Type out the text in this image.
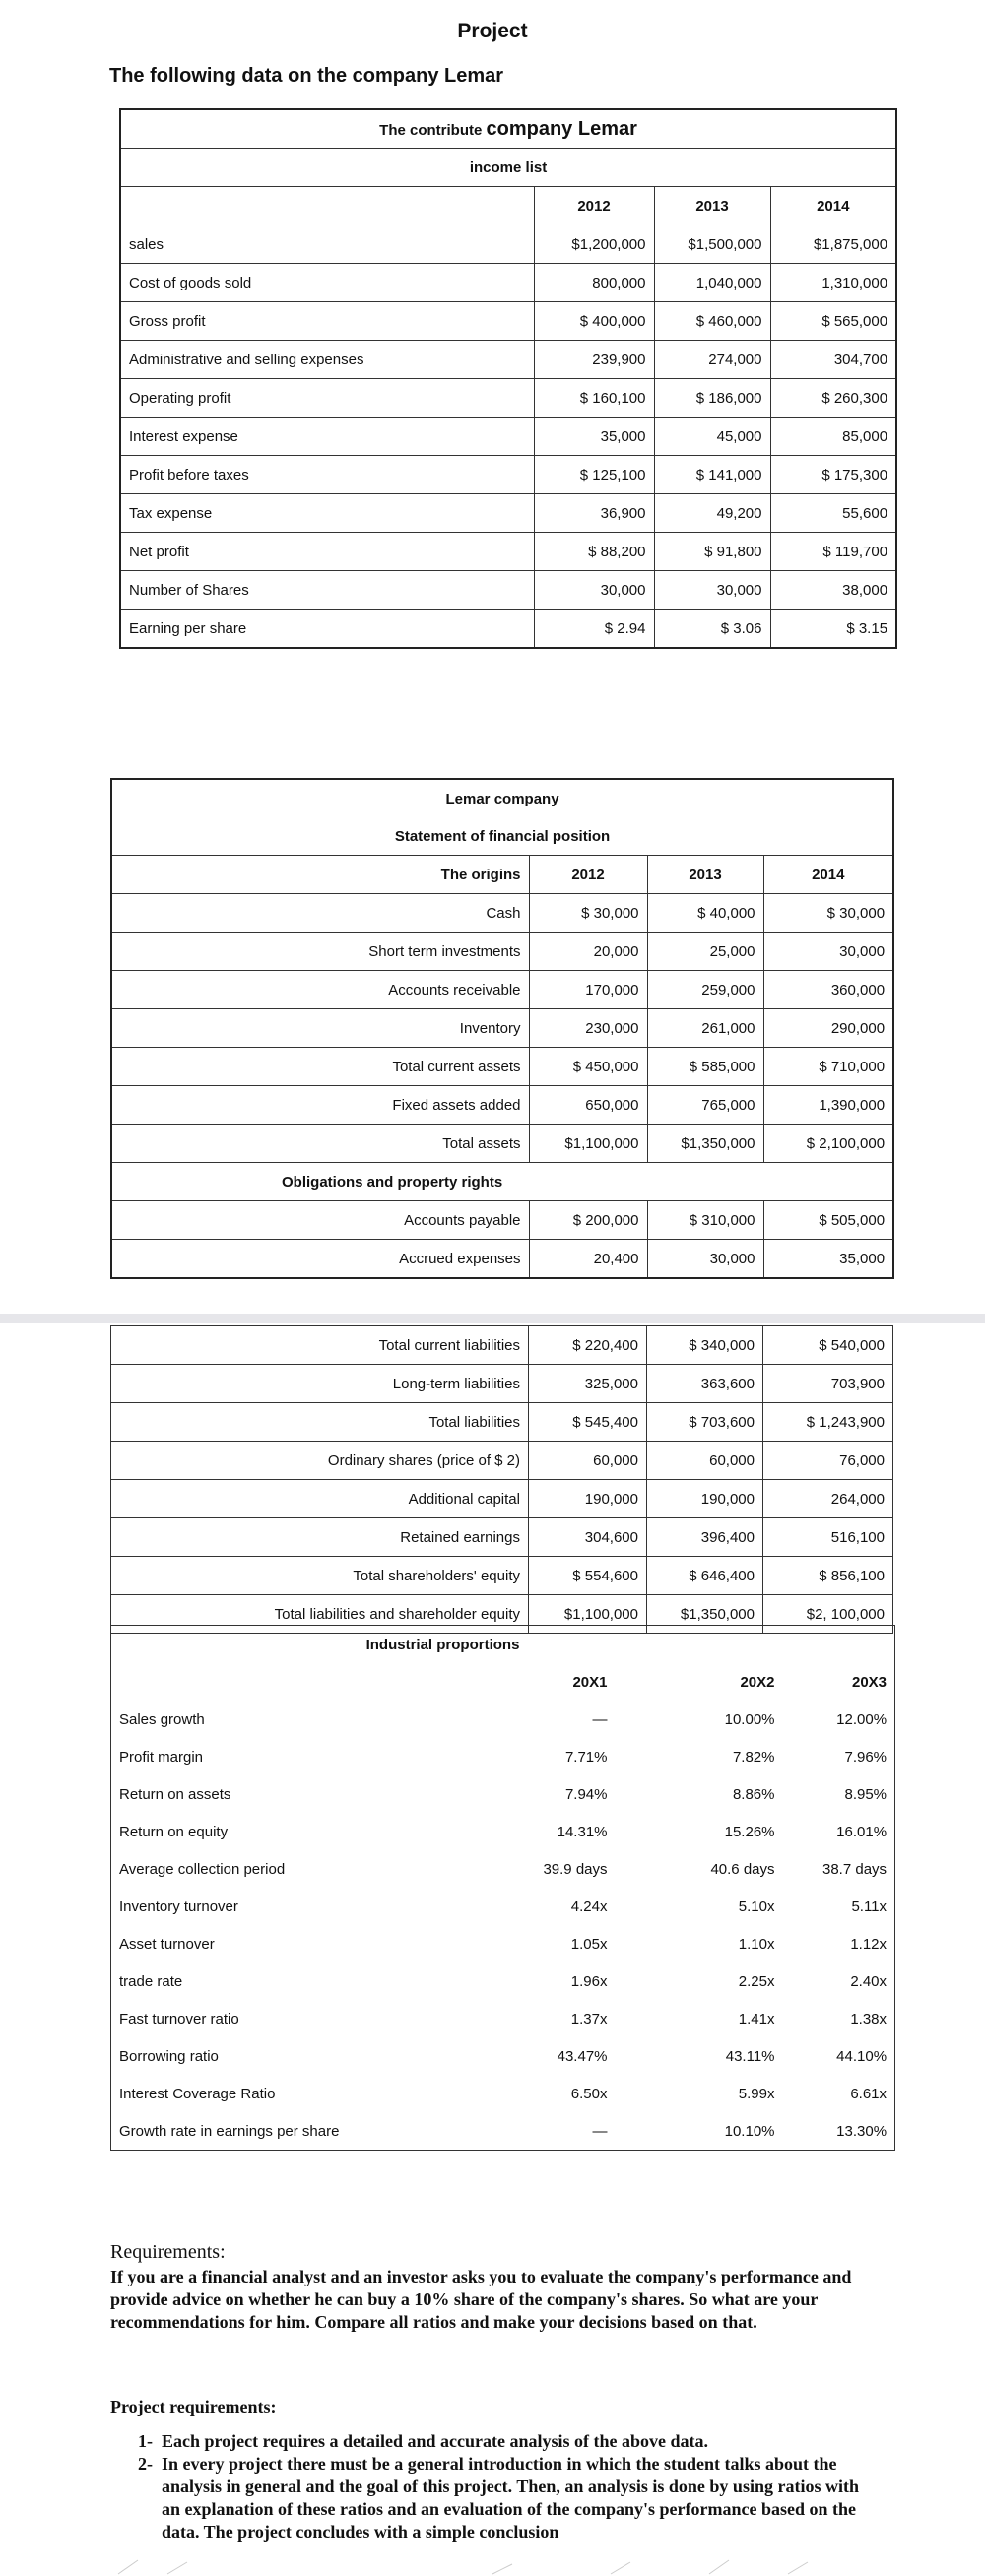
Project
The following data on the company Lemar
The contribute company Lemar			
income list			
	2012	2013	2014
sales	$1,200,000	$1,500,000	$1,875,000
Cost of goods sold	800,000	1,040,000	1,310,000
Gross profit	$ 400,000	$ 460,000	$ 565,000
Administrative and selling expenses	239,900	274,000	304,700
Operating profit	$ 160,100	$ 186,000	$ 260,300
Interest expense	35,000	45,000	85,000
Profit before taxes	$ 125,100	$ 141,000	$ 175,300
Tax expense	36,900	49,200	55,600
Net profit	$ 88,200	$ 91,800	$ 119,700
Number of Shares	30,000	30,000	38,000
Earning per share	$ 2.94	$ 3.06	$ 3.15
Lemar company			
Statement of financial position			
The origins	2012	2013	2014
Cash	$ 30,000	$ 40,000	$ 30,000
Short term investments	20,000	25,000	30,000
Accounts receivable	170,000	259,000	360,000
Inventory	230,000	261,000	290,000
Total current assets	$ 450,000	$ 585,000	$ 710,000
Fixed assets added	650,000	765,000	1,390,000
Total assets	$1,100,000	$1,350,000	$ 2,100,000
Obligations and property rights			
Accounts payable	$ 200,000	$ 310,000	$ 505,000
Accrued expenses	20,400	30,000	35,000
Total current liabilities	$ 220,400	$ 340,000	$ 540,000
Long-term liabilities	325,000	363,600	703,900
Total liabilities	$ 545,400	$ 703,600	$ 1,243,900
Ordinary shares (price of $ 2)	60,000	60,000	76,000
Additional capital	190,000	190,000	264,000
Retained earnings	304,600	396,400	516,100
Total shareholders' equity	$ 554,600	$ 646,400	$ 856,100
Total liabilities and shareholder equity	$1,100,000	$1,350,000	$2, 100,000
Industrial proportions			
	20X1	20X2	20X3
Sales growth	—	10.00%	12.00%
Profit margin	7.71%	7.82%	7.96%
Return on assets	7.94%	8.86%	8.95%
Return on equity	14.31%	15.26%	16.01%
Average collection period	39.9 days	40.6 days	38.7 days
Inventory turnover	4.24x	5.10x	5.11x
Asset turnover	1.05x	1.10x	1.12x
trade rate	1.96x	2.25x	2.40x
Fast turnover ratio	1.37x	1.41x	1.38x
Borrowing ratio	43.47%	43.11%	44.10%
Interest Coverage Ratio	6.50x	5.99x	6.61x
Growth rate in earnings per share	—	10.10%	13.30%
Requirements:
If you are a financial analyst and an investor asks you to evaluate the company's performance and provide advice on whether he can buy a 10% share of the company's shares. So what are your recommendations for him. Compare all ratios and make your decisions based on that.
Project requirements:
1- Each project requires a detailed and accurate analysis of the above data.
2- In every project there must be a general introduction in which the student talks about the analysis in general and the goal of this project. Then, an analysis is done by using ratios with an explanation of these ratios and an evaluation of the company's performance based on the data. The project concludes with a simple conclusion
